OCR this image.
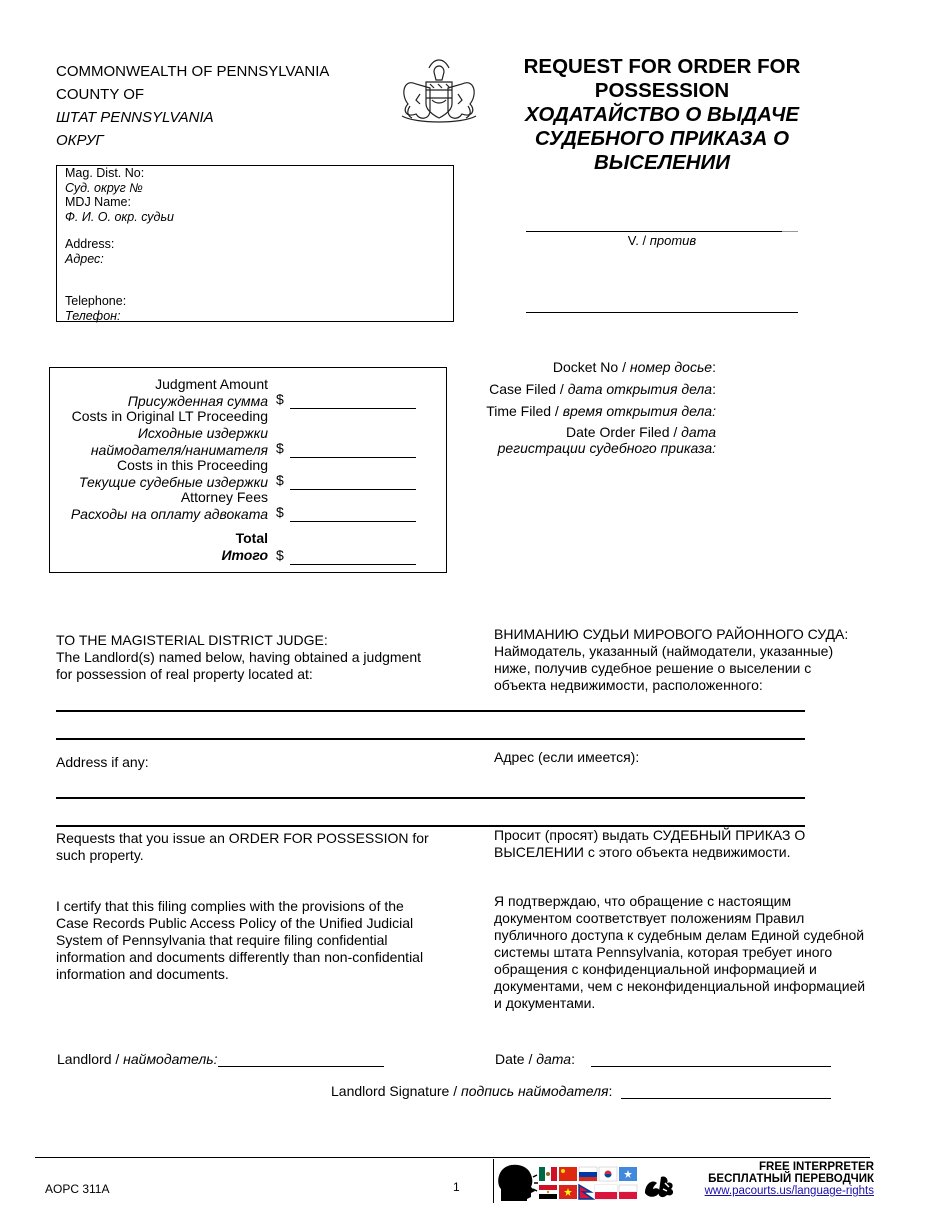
COMMONWEALTH OF PENNSYLVANIA
COUNTY OF
ШТАТ PENNSYLVANIA
ОКРУГ
REQUEST FOR ORDER FOR POSSESSION
ХОДАТАЙСТВО О ВЫДАЧЕ СУДЕБНОГО ПРИКАЗА О ВЫСЕЛЕНИИ
Mag. Dist. No:
Суд. округ №
MDJ Name:
Ф. И. О. окр. судьи
Address:
Адрес:
Telephone:
Телефон:
V. / против
Docket No / номер досье:
Case Filed / дата открытия дела:
Time Filed / время открытия дела:
Date Order Filed / дата
регистрации судебного приказа:
Judgment Amount
Присужденная сумма $
Costs in Original LT Proceeding
Исходные издержки
наймодателя/нанимателя $
Costs in this Proceeding
Текущие судебные издержки $
Attorney Fees
Расходы на оплату адвоката $
Total
Итого $
TO THE MAGISTERIAL DISTRICT JUDGE:
The Landlord(s) named below, having obtained a judgment for possession of real property located at:
ВНИМАНИЮ СУДЬИ МИРОВОГО РАЙОННОГО СУДА:
Наймодатель, указанный (наймодатели, указанные) ниже, получив судебное решение о выселении с объекта недвижимости, расположенного:
Address if any:	Адрес (если имеется):
Requests that you issue an ORDER FOR POSSESSION for such property.
Просит (просят) выдать СУДЕБНЫЙ ПРИКАЗ О ВЫСЕЛЕНИИ с этого объекта недвижимости.
I certify that this filing complies with the provisions of the Case Records Public Access Policy of the Unified Judicial System of Pennsylvania that require filing confidential information and documents differently than non-confidential information and documents.
Я подтверждаю, что обращение с настоящим документом соответствует положениям Правил публичного доступа к судебным делам Единой судебной системы штата Pennsylvania, которая требует иного обращения с конфиденциальной информацией и документами, чем с неконфиденциальной информацией и документами.
Landlord / наймодатель:	Date / дата:
Landlord Signature / подпись наймодателя:
AOPC 311A	1
FREE INTERPRETER
БЕСПЛАТНЫЙ ПЕРЕВОДЧИК
www.pacourts.us/language-rights
